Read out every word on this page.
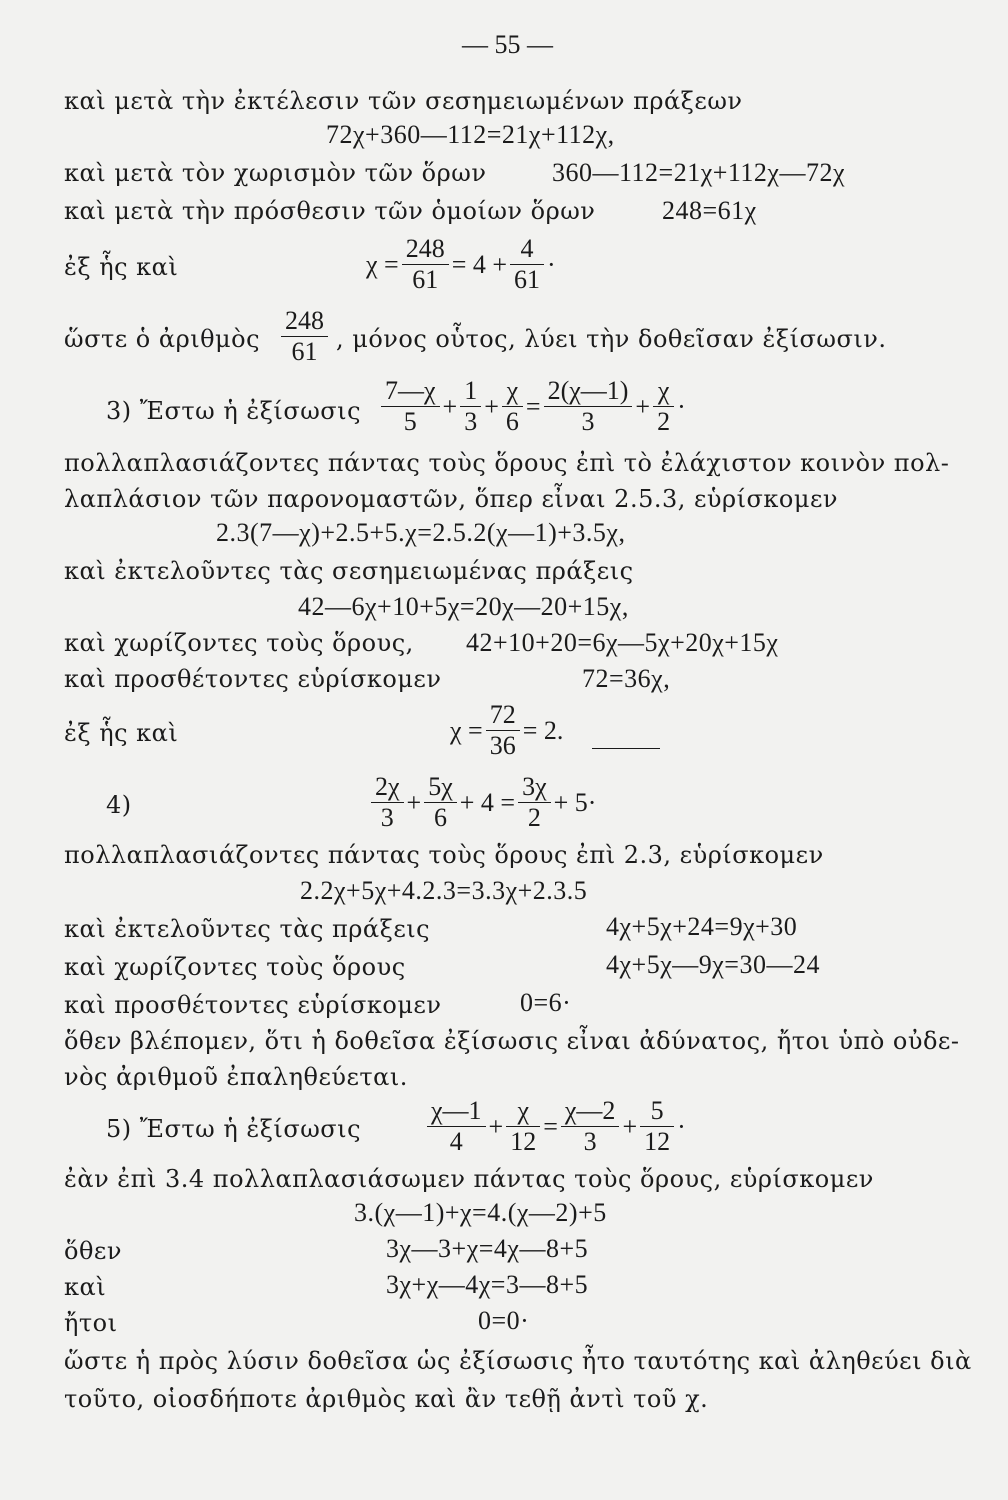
— 55 —
καὶ μετὰ τὴν ἐκτέλεσιν τῶν σεσημειωμένων πράξεων
72χ+360—112=21χ+112χ,
καὶ μετὰ τὸν χωρισμὸν τῶν ὅρων	360—112=21χ+112χ—72χ
καὶ μετὰ τὴν πρόσθεσιν τῶν ὁμοίων ὅρων	248=61χ
ἐξ ἧς καὶ	$\chi = \frac{248}{61} = 4 + \frac{4}{61}$ ·
ὥστε ὁ ἀριθμὸς $\frac{248}{61}$ , μόνος οὗτος, λύει τὴν δοθεῖσαν ἐξίσωσιν.
3) Ἔστω ἡ ἐξίσωσις $\frac{7—\chi}{5} + \frac{1}{3} + \frac{\chi}{6} = \frac{2(\chi—1)}{3} + \frac{\chi}{2}$ ·
πολλαπλασιάζοντες πάντας τοὺς ὅρους ἐπὶ τὸ ἐλάχιστον κοινὸν πολ-
λαπλάσιον τῶν παρονομαστῶν, ὅπερ εἶναι 2.5.3, εὑρίσκομεν
2.3(7—χ)+2.5+5.χ=2.5.2(χ—1)+3.5χ,
καὶ ἐκτελοῦντες τὰς σεσημειωμένας πράξεις
42—6χ+10+5χ=20χ—20+15χ,
καὶ χωρίζοντες τοὺς ὅρους, 42+10+20=6χ—5χ+20χ+15χ
καὶ προσθέτοντες εὑρίσκομεν	72=36χ,
ἐξ ἧς καὶ	$\chi = \frac{72}{36} = 2$.
4)	$\frac{2\chi}{3} + \frac{5\chi}{6} + 4 = \frac{3\chi}{2} + 5\cdot$
πολλαπλασιάζοντες πάντας τοὺς ὅρους ἐπὶ 2.3, εὑρίσκομεν
2.2χ+5χ+4.2.3=3.3χ+2.3.5
καὶ ἐκτελοῦντες τὰς πράξεις	4χ+5χ+24=9χ+30
καὶ χωρίζοντες τοὺς ὅρους	4χ+5χ—9χ=30—24
καὶ προσθέτοντες εὑρίσκομεν	0=6·
ὅθεν βλέπομεν, ὅτι ἡ δοθεῖσα ἐξίσωσις εἶναι ἀδύνατος, ἤτοι ὑπὸ οὐδε-
νὸς ἀριθμοῦ ἐπαληθεύεται.
5) Ἔστω ἡ ἐξίσωσις	$\frac{\chi—1}{4} + \frac{\chi}{12} = \frac{\chi—2}{3} + \frac{5}{12}$ ·
ἐὰν ἐπὶ 3.4 πολλαπλασιάσωμεν πάντας τοὺς ὅρους, εὑρίσκομεν
3.(χ—1)+χ=4.(χ—2)+5
ὅθεν	3χ—3+χ=4χ—8+5
καὶ	3χ+χ—4χ=3—8+5
ἤτοι	0=0·
ὥστε ἡ πρὸς λύσιν δοθεῖσα ὡς ἐξίσωσις ἦτο ταυτότης καὶ ἀληθεύει διὰ
τοῦτο, οἱοσδήποτε ἀριθμὸς καὶ ἂν τεθῇ ἀντὶ τοῦ χ.
